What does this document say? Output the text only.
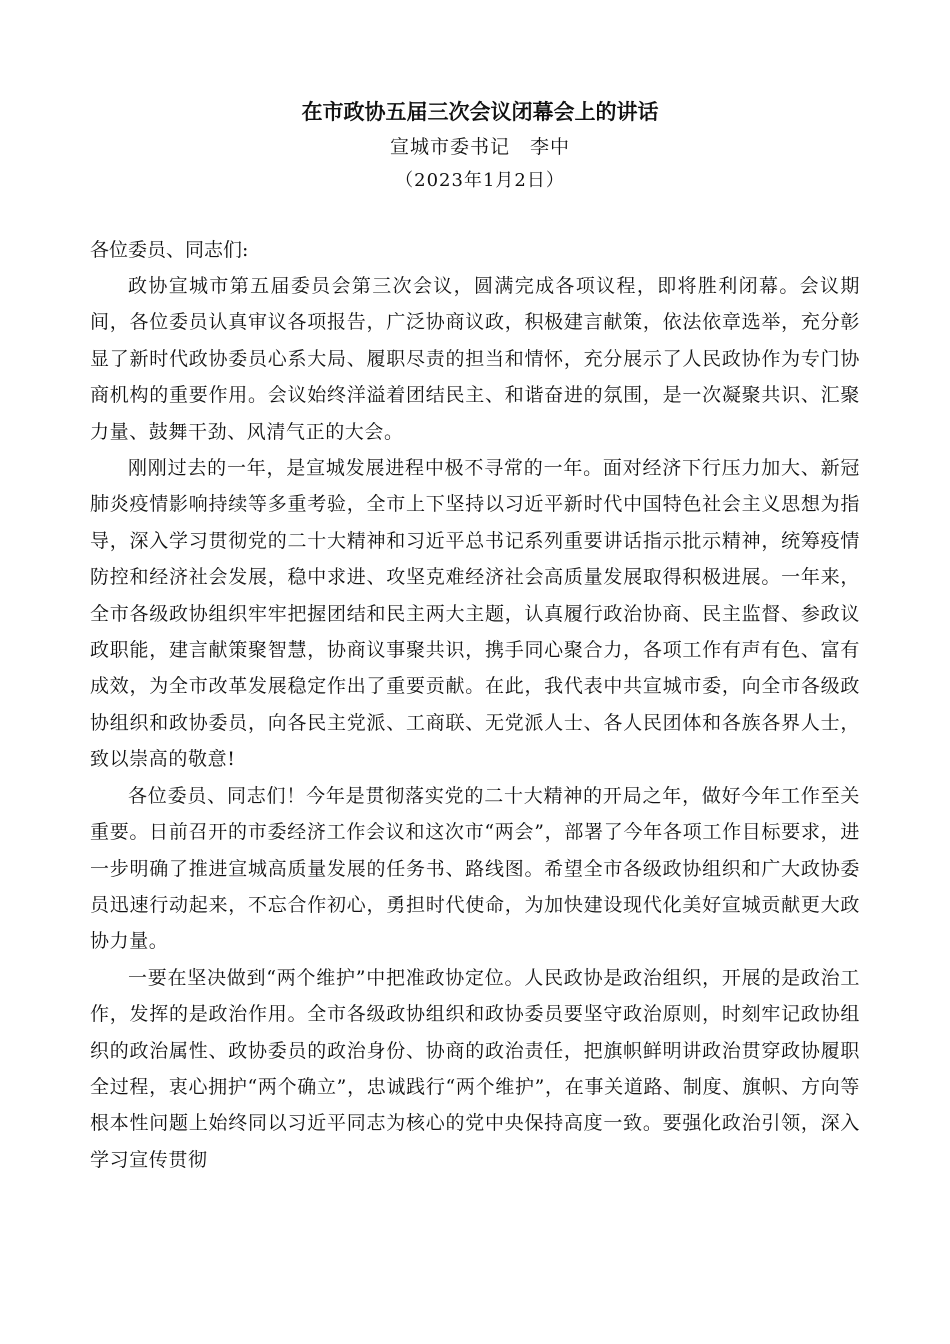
在市政协五届三次会议闭幕会上的讲话

宣城市委书记　李中

（2023年1月2日）

各位委员、同志们:

政协宣城市第五届委员会第三次会议，圆满完成各项议程，即将胜利闭幕。会议期间，各位委员认真审议各项报告，广泛协商议政，积极建言献策，依法依章选举，充分彰显了新时代政协委员心系大局、履职尽责的担当和情怀，充分展示了人民政协作为专门协商机构的重要作用。会议始终洋溢着团结民主、和谐奋进的氛围，是一次凝聚共识、汇聚力量、鼓舞干劲、风清气正的大会。

刚刚过去的一年，是宣城发展进程中极不寻常的一年。面对经济下行压力加大、新冠肺炎疫情影响持续等多重考验，全市上下坚持以习近平新时代中国特色社会主义思想为指导，深入学习贯彻党的二十大精神和习近平总书记系列重要讲话指示批示精神，统筹疫情防控和经济社会发展，稳中求进、攻坚克难经济社会高质量发展取得积极进展。一年来，全市各级政协组织牢牢把握团结和民主两大主题，认真履行政治协商、民主监督、参政议政职能，建言献策聚智慧，协商议事聚共识，携手同心聚合力，各项工作有声有色、富有成效，为全市改革发展稳定作出了重要贡献。在此，我代表中共宣城市委，向全市各级政协组织和政协委员，向各民主党派、工商联、无党派人士、各人民团体和各族各界人士，致以崇高的敬意!

各位委员、同志们！今年是贯彻落实党的二十大精神的开局之年，做好今年工作至关重要。日前召开的市委经济工作会议和这次市“两会”，部署了今年各项工作目标要求，进一步明确了推进宣城高质量发展的任务书、路线图。希望全市各级政协组织和广大政协委员迅速行动起来，不忘合作初心，勇担时代使命，为加快建设现代化美好宣城贡献更大政协力量。

一要在坚决做到“两个维护”中把准政协定位。人民政协是政治组织，开展的是政治工作，发挥的是政治作用。全市各级政协组织和政协委员要坚守政治原则，时刻牢记政协组织的政治属性、政协委员的政治身份、协商的政治责任，把旗帜鲜明讲政治贯穿政协履职全过程，衷心拥护“两个确立”，忠诚践行“两个维护”，在事关道路、制度、旗帜、方向等根本性问题上始终同以习近平同志为核心的党中央保持高度一致。要强化政治引领，深入学习宣传贯彻
